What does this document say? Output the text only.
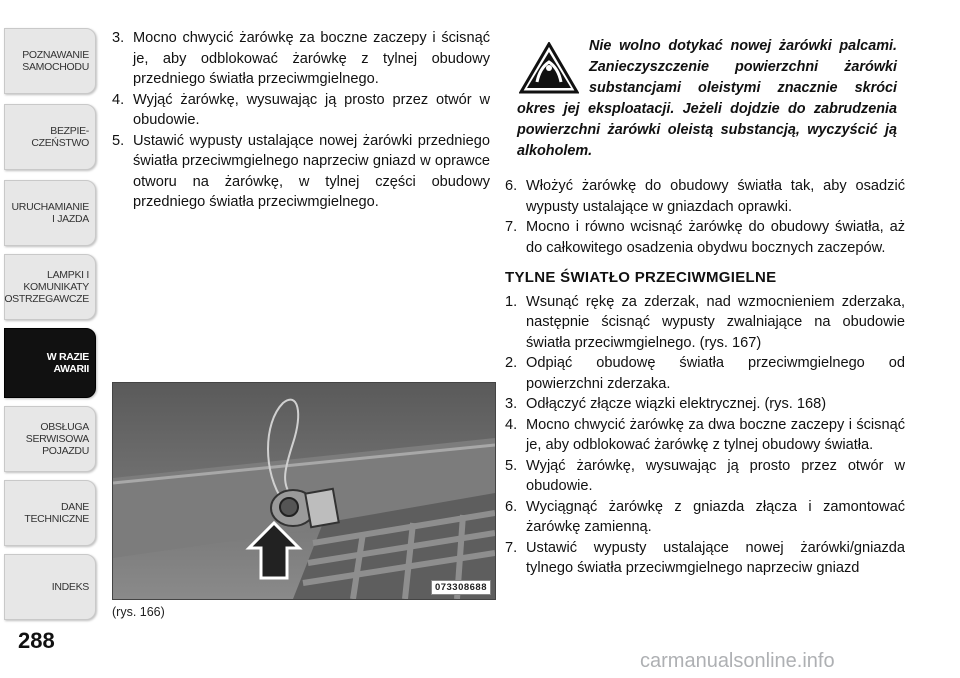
POZNAWANIE
SAMOCHODU
BEZPIE-
CZEŃSTWO
URUCHAMIANIE
I JAZDA
LAMPKI I
KOMUNIKATY
OSTRZEGAWCZE
W RAZIE
AWARII
OBSŁUGA
SERWISOWA
POJAZDU
DANE
TECHNICZNE
INDEKS
288
3. Mocno chwycić żarówkę za boczne zaczepy i ścisnąć je, aby odblokować żarówkę z tylnej obudowy przedniego światła przeciwmgielnego.
4. Wyjąć żarówkę, wysuwając ją prosto przez otwór w obudowie.
5. Ustawić wypusty ustalające nowej żarówki przedniego światła przeciwmgielnego naprzeciw gniazd w oprawce otworu na żarówkę, w tylnej części obudowy przedniego światła przeciwmgielnego.
073308688
(rys. 166)
Nie wolno dotykać nowej żarówki palcami. Zanieczyszczenie powierzchni żarówki substancjami oleistymi znacznie skróci okres jej eksploatacji. Jeżeli dojdzie do zabrudzenia powierzchni żarówki oleistą substancją, wyczyścić ją alkoholem.
6. Włożyć żarówkę do obudowy światła tak, aby osadzić wypusty ustalające w gniazdach oprawki.
7. Mocno i równo wcisnąć żarówkę do obudowy światła, aż do całkowitego osadzenia obydwu bocznych zaczepów.
TYLNE ŚWIATŁO PRZECIWMGIELNE
1. Wsunąć rękę za zderzak, nad wzmocnieniem zderzaka, następnie ścisnąć wypusty zwalniające na obudowie światła przeciwmgielnego. (rys. 167)
2. Odpiąć obudowę światła przeciwmgielnego od powierzchni zderzaka.
3. Odłączyć złącze wiązki elektrycznej. (rys. 168)
4. Mocno chwycić żarówkę za dwa boczne zaczepy i ścisnąć je, aby odblokować żarówkę z tylnej obudowy światła.
5. Wyjąć żarówkę, wysuwając ją prosto przez otwór w obudowie.
6. Wyciągnąć żarówkę z gniazda złącza i zamontować żarówkę zamienną.
7. Ustawić wypusty ustalające nowej żarówki/gniazda tylnego światła przeciwmgielnego naprzeciw gniazd
carmanualsonline.info
